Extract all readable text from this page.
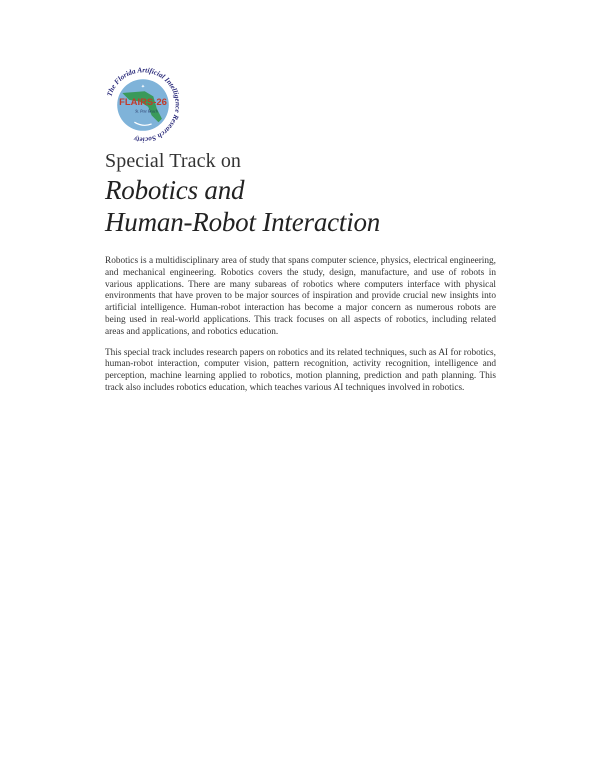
✦
FLAIRS-26
St. Pete Beach
The Florida Artificial Intelligence Research Society
Special Track on
Robotics and
Human-Robot Interaction

Robotics is a multidisciplinary area of study that spans computer science, physics, electrical engineering, and mechanical engineering. Robotics covers the study, design, manufacture, and use of robots in various applications. There are many subareas of robotics where computers interface with physical environments that have proven to be major sources of inspiration and provide crucial new insights into artificial intelligence. Human-robot interaction has become a major concern as numerous robots are being used in real-world applications. This track focuses on all aspects of robotics, including related areas and applications, and robotics education.

This special track includes research papers on robotics and its related techniques, such as AI for robotics, human-robot interaction, computer vision, pattern recognition, activity recognition, intelligence and perception, machine learning applied to robotics, motion planning, prediction and path planning. This track also includes robotics education, which teaches various AI techniques involved in robotics.
